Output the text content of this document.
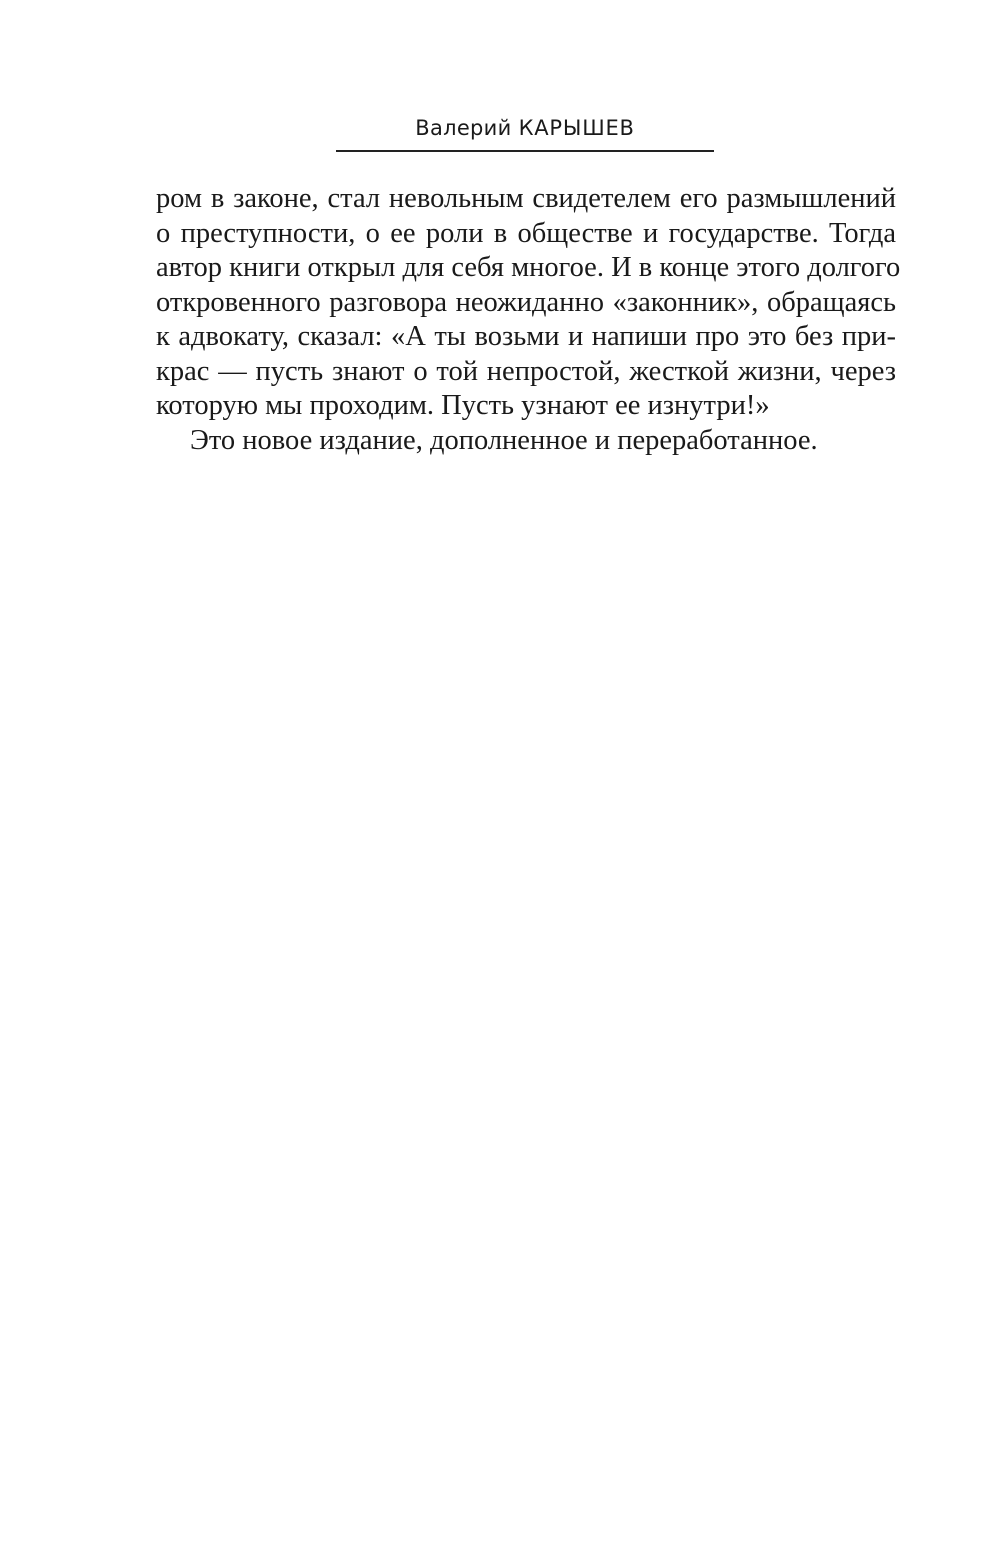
Валерий КАРЫШЕВ
ром в законе, стал невольным свидетелем его размышлений
о преступности, о ее роли в обществе и государстве. Тогда
автор книги открыл для себя многое. И в конце этого долгого
откровенного разговора неожиданно «законник», обращаясь
к адвокату, сказал: «А ты возьми и напиши про это без при-
крас — пусть знают о той непростой, жесткой жизни, через
которую мы проходим. Пусть узнают ее изнутри!»
Это новое издание, дополненное и переработанное.
